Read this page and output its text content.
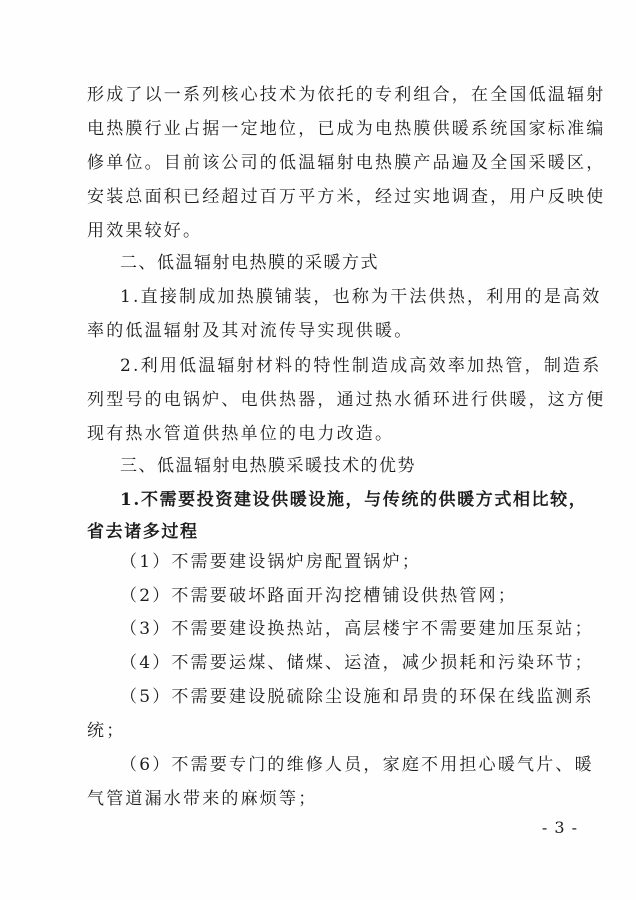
形成了以一系列核心技术为依托的专利组合，在全国低温辐射
电热膜行业占据一定地位，已成为电热膜供暖系统国家标准编
修单位。目前该公司的低温辐射电热膜产品遍及全国采暖区，
安装总面积已经超过百万平方米，经过实地调查，用户反映使
用效果较好。
二、低温辐射电热膜的采暖方式
1.直接制成加热膜铺装，也称为干法供热，利用的是高效
率的低温辐射及其对流传导实现供暖。
2.利用低温辐射材料的特性制造成高效率加热管，制造系
列型号的电锅炉、电供热器，通过热水循环进行供暖，这方便
现有热水管道供热单位的电力改造。
三、低温辐射电热膜采暖技术的优势
1.不需要投资建设供暖设施，与传统的供暖方式相比较，
省去诸多过程
（1）不需要建设锅炉房配置锅炉；
（2）不需要破坏路面开沟挖槽铺设供热管网；
（3）不需要建设换热站，高层楼宇不需要建加压泵站；
（4）不需要运煤、储煤、运渣，减少损耗和污染环节；
（5）不需要建设脱硫除尘设施和昂贵的环保在线监测系
统；
（6）不需要专门的维修人员，家庭不用担心暖气片、暖
气管道漏水带来的麻烦等；
- 3 -
